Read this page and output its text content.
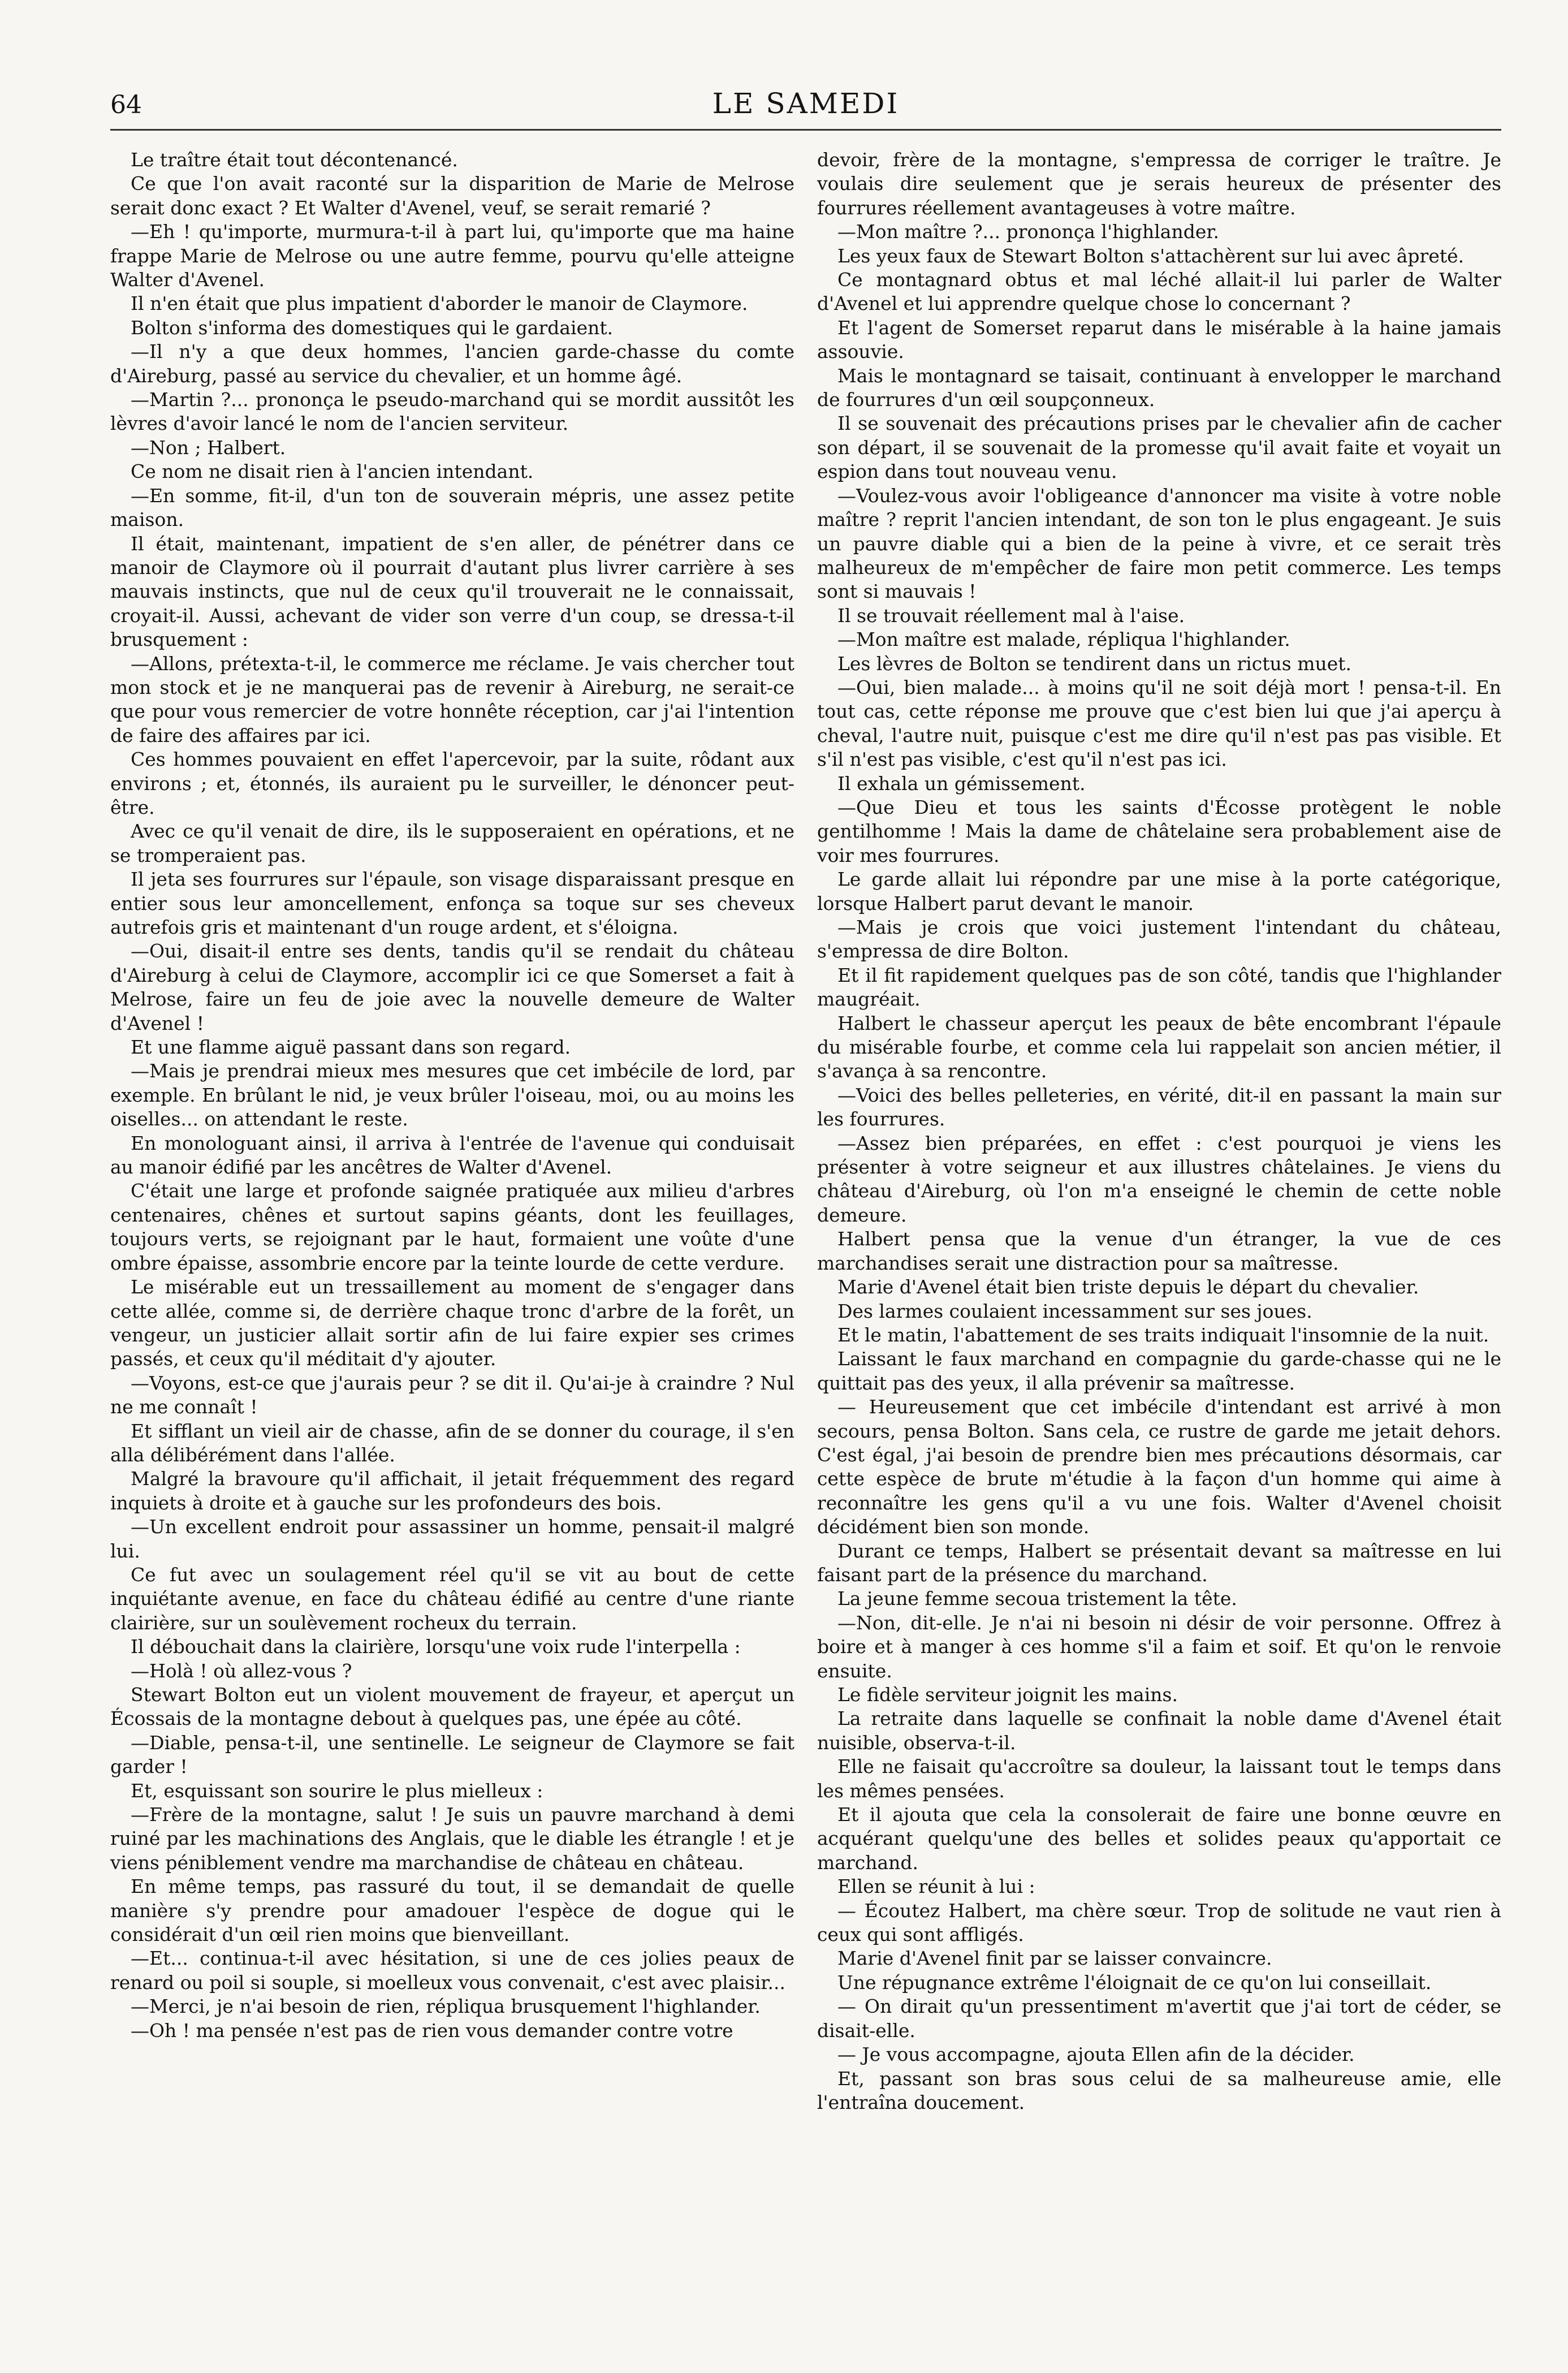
64	LE SAMEDI

Le traître était tout décontenancé.

Ce que l'on avait raconté sur la disparition de Marie de Melrose serait donc exact ? Et Walter d'Avenel, veuf, se serait remarié ?

—Eh ! qu'importe, murmura-t-il à part lui, qu'importe que ma haine frappe Marie de Melrose ou une autre femme, pourvu qu'elle atteigne Walter d'Avenel.

Il n'en était que plus impatient d'aborder le manoir de Claymore.

Bolton s'informa des domestiques qui le gardaient.

—Il n'y a que deux hommes, l'ancien garde-chasse du comte d'Aireburg, passé au service du chevalier, et un homme âgé.

—Martin ?... prononça le pseudo-marchand qui se mordit aussitôt les lèvres d'avoir lancé le nom de l'ancien serviteur.

—Non ; Halbert.

Ce nom ne disait rien à l'ancien intendant.

—En somme, fit-il, d'un ton de souverain mépris, une assez petite maison.

Il était, maintenant, impatient de s'en aller, de pénétrer dans ce manoir de Claymore où il pourrait d'autant plus livrer carrière à ses mauvais instincts, que nul de ceux qu'il trouverait ne le connaissait, croyait-il. Aussi, achevant de vider son verre d'un coup, se dressa-t-il brusquement :

—Allons, prétexta-t-il, le commerce me réclame. Je vais chercher tout mon stock et je ne manquerai pas de revenir à Aireburg, ne serait-ce que pour vous remercier de votre honnête réception, car j'ai l'intention de faire des affaires par ici.

Ces hommes pouvaient en effet l'apercevoir, par la suite, rôdant aux environs ; et, étonnés, ils auraient pu le surveiller, le dénoncer peut-être.

Avec ce qu'il venait de dire, ils le supposeraient en opérations, et ne se tromperaient pas.

Il jeta ses fourrures sur l'épaule, son visage disparaissant presque en entier sous leur amoncellement, enfonça sa toque sur ses cheveux autrefois gris et maintenant d'un rouge ardent, et s'éloigna.

—Oui, disait-il entre ses dents, tandis qu'il se rendait du château d'Aireburg à celui de Claymore, accomplir ici ce que Somerset a fait à Melrose, faire un feu de joie avec la nouvelle demeure de Walter d'Avenel !

Et une flamme aiguë passant dans son regard.

—Mais je prendrai mieux mes mesures que cet imbécile de lord, par exemple. En brûlant le nid, je veux brûler l'oiseau, moi, ou au moins les oiselles... on attendant le reste.

En monologuant ainsi, il arriva à l'entrée de l'avenue qui conduisait au manoir édifié par les ancêtres de Walter d'Avenel.

C'était une large et profonde saignée pratiquée aux milieu d'arbres centenaires, chênes et surtout sapins géants, dont les feuillages, toujours verts, se rejoignant par le haut, formaient une voûte d'une ombre épaisse, assombrie encore par la teinte lourde de cette verdure.

Le misérable eut un tressaillement au moment de s'engager dans cette allée, comme si, de derrière chaque tronc d'arbre de la forêt, un vengeur, un justicier allait sortir afin de lui faire expier ses crimes passés, et ceux qu'il méditait d'y ajouter.

—Voyons, est-ce que j'aurais peur ? se dit il. Qu'ai-je à craindre ? Nul ne me connaît !

Et sifflant un vieil air de chasse, afin de se donner du courage, il s'en alla délibérément dans l'allée.

Malgré la bravoure qu'il affichait, il jetait fréquemment des regard inquiets à droite et à gauche sur les profondeurs des bois.

—Un excellent endroit pour assassiner un homme, pensait-il malgré lui.

Ce fut avec un soulagement réel qu'il se vit au bout de cette inquiétante avenue, en face du château édifié au centre d'une riante clairière, sur un soulèvement rocheux du terrain.

Il débouchait dans la clairière, lorsqu'une voix rude l'interpella :

—Holà ! où allez-vous ?

Stewart Bolton eut un violent mouvement de frayeur, et aperçut un Écossais de la montagne debout à quelques pas, une épée au côté.

—Diable, pensa-t-il, une sentinelle. Le seigneur de Claymore se fait garder !

Et, esquissant son sourire le plus mielleux :

—Frère de la montagne, salut ! Je suis un pauvre marchand à demi ruiné par les machinations des Anglais, que le diable les étrangle ! et je viens péniblement vendre ma marchandise de château en château.

En même temps, pas rassuré du tout, il se demandait de quelle manière s'y prendre pour amadouer l'espèce de dogue qui le considérait d'un œil rien moins que bienveillant.

—Et... continua-t-il avec hésitation, si une de ces jolies peaux de renard ou poil si souple, si moelleux vous convenait, c'est avec plaisir...

—Merci, je n'ai besoin de rien, répliqua brusquement l'highlander.

—Oh ! ma pensée n'est pas de rien vous demander contre votre

devoir, frère de la montagne, s'empressa de corriger le traître. Je voulais dire seulement que je serais heureux de présenter des fourrures réellement avantageuses à votre maître.

—Mon maître ?... prononça l'highlander.

Les yeux faux de Stewart Bolton s'attachèrent sur lui avec âpreté.

Ce montagnard obtus et mal léché allait-il lui parler de Walter d'Avenel et lui apprendre quelque chose lo concernant ?

Et l'agent de Somerset reparut dans le misérable à la haine jamais assouvie.

Mais le montagnard se taisait, continuant à envelopper le marchand de fourrures d'un œil soupçonneux.

Il se souvenait des précautions prises par le chevalier afin de cacher son départ, il se souvenait de la promesse qu'il avait faite et voyait un espion dans tout nouveau venu.

—Voulez-vous avoir l'obligeance d'annoncer ma visite à votre noble maître ? reprit l'ancien intendant, de son ton le plus engageant. Je suis un pauvre diable qui a bien de la peine à vivre, et ce serait très malheureux de m'empêcher de faire mon petit commerce. Les temps sont si mauvais !

Il se trouvait réellement mal à l'aise.

—Mon maître est malade, répliqua l'highlander.

Les lèvres de Bolton se tendirent dans un rictus muet.

—Oui, bien malade... à moins qu'il ne soit déjà mort ! pensa-t-il. En tout cas, cette réponse me prouve que c'est bien lui que j'ai aperçu à cheval, l'autre nuit, puisque c'est me dire qu'il n'est pas pas visible. Et s'il n'est pas visible, c'est qu'il n'est pas ici.

Il exhala un gémissement.

—Que Dieu et tous les saints d'Écosse protègent le noble gentilhomme ! Mais la dame de châtelaine sera probablement aise de voir mes fourrures.

Le garde allait lui répondre par une mise à la porte catégorique, lorsque Halbert parut devant le manoir.

—Mais je crois que voici justement l'intendant du château, s'empressa de dire Bolton.

Et il fit rapidement quelques pas de son côté, tandis que l'highlander maugréait.

Halbert le chasseur aperçut les peaux de bête encombrant l'épaule du misérable fourbe, et comme cela lui rappelait son ancien métier, il s'avança à sa rencontre.

—Voici des belles pelleteries, en vérité, dit-il en passant la main sur les fourrures.

—Assez bien préparées, en effet : c'est pourquoi je viens les présenter à votre seigneur et aux illustres châtelaines. Je viens du château d'Aireburg, où l'on m'a enseigné le chemin de cette noble demeure.

Halbert pensa que la venue d'un étranger, la vue de ces marchandises serait une distraction pour sa maîtresse.

Marie d'Avenel était bien triste depuis le départ du chevalier.

Des larmes coulaient incessamment sur ses joues.

Et le matin, l'abattement de ses traits indiquait l'insomnie de la nuit.

Laissant le faux marchand en compagnie du garde-chasse qui ne le quittait pas des yeux, il alla prévenir sa maîtresse.

— Heureusement que cet imbécile d'intendant est arrivé à mon secours, pensa Bolton. Sans cela, ce rustre de garde me jetait dehors. C'est égal, j'ai besoin de prendre bien mes précautions désormais, car cette espèce de brute m'étudie à la façon d'un homme qui aime à reconnaître les gens qu'il a vu une fois. Walter d'Avenel choisit décidément bien son monde.

Durant ce temps, Halbert se présentait devant sa maîtresse en lui faisant part de la présence du marchand.

La jeune femme secoua tristement la tête.

—Non, dit-elle. Je n'ai ni besoin ni désir de voir personne. Offrez à boire et à manger à ces homme s'il a faim et soif. Et qu'on le renvoie ensuite.

Le fidèle serviteur joignit les mains.

La retraite dans laquelle se confinait la noble dame d'Avenel était nuisible, observa-t-il.

Elle ne faisait qu'accroître sa douleur, la laissant tout le temps dans les mêmes pensées.

Et il ajouta que cela la consolerait de faire une bonne œuvre en acquérant quelqu'une des belles et solides peaux qu'apportait ce marchand.

Ellen se réunit à lui :

— Écoutez Halbert, ma chère sœur. Trop de solitude ne vaut rien à ceux qui sont affligés.

Marie d'Avenel finit par se laisser convaincre.

Une répugnance extrême l'éloignait de ce qu'on lui conseillait.

— On dirait qu'un pressentiment m'avertit que j'ai tort de céder, se disait-elle.

— Je vous accompagne, ajouta Ellen afin de la décider.

Et, passant son bras sous celui de sa malheureuse amie, elle l'entraîna doucement.
